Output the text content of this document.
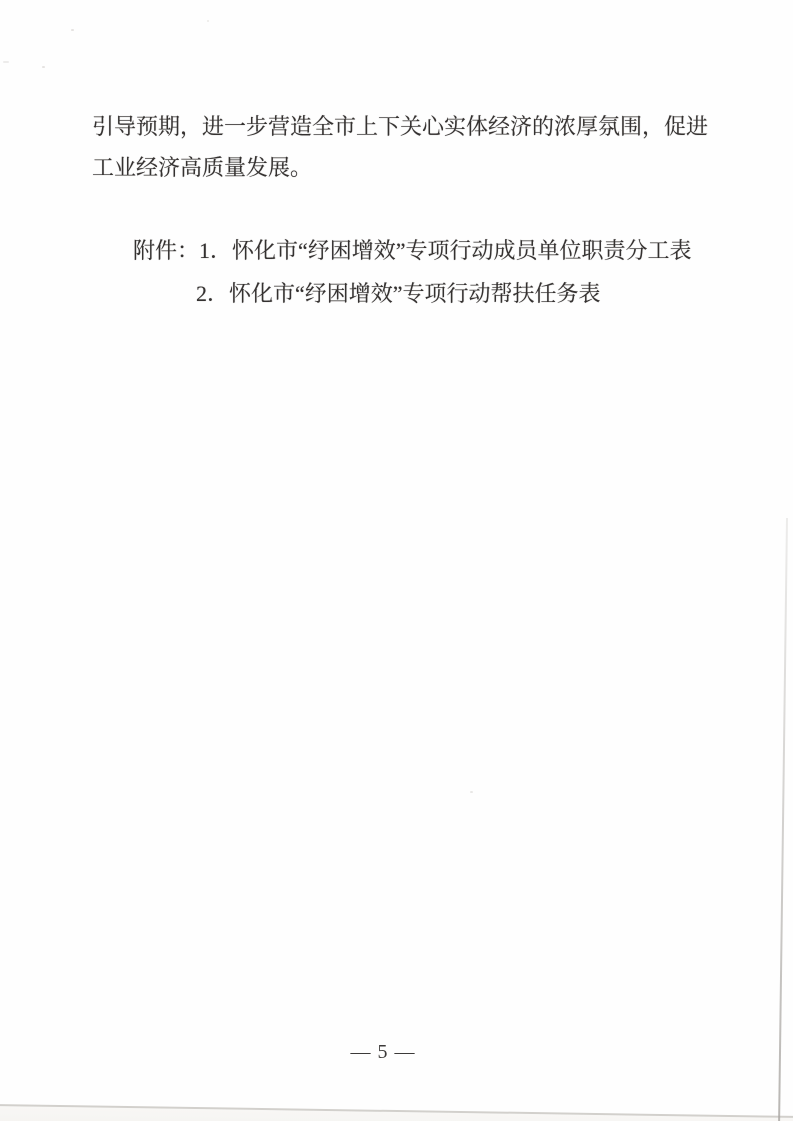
引导预期，进一步营造全市上下关心实体经济的浓厚氛围，促进
工业经济高质量发展。
附件：1．怀化市“纾困增效”专项行动成员单位职责分工表
2．怀化市“纾困增效”专项行动帮扶任务表
— 5 —
